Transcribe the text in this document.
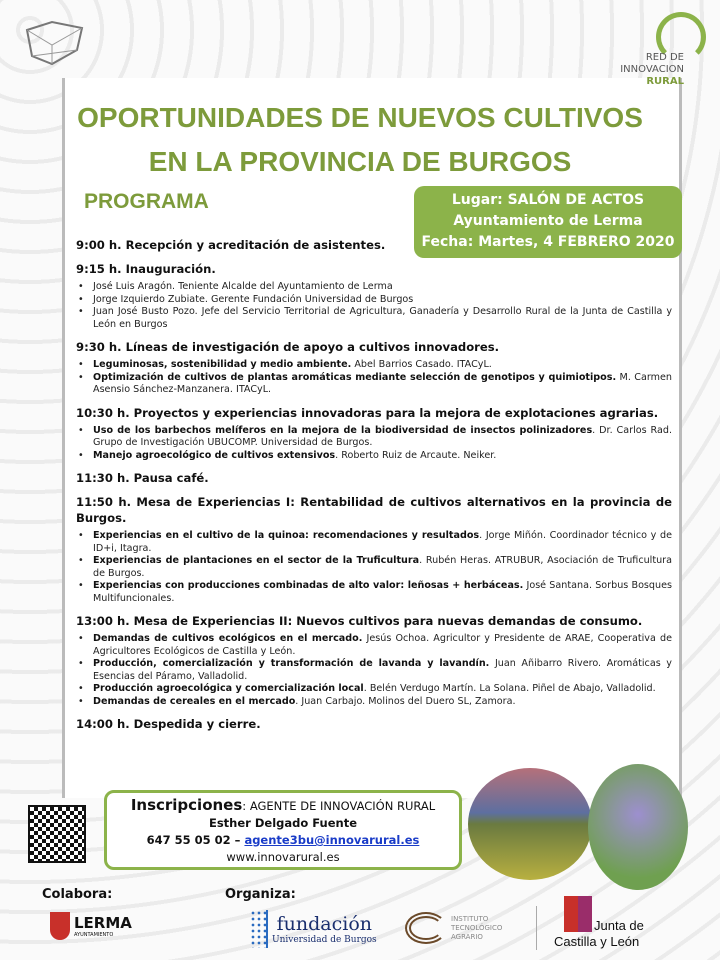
RED DE
INNOVACION
RURAL
OPORTUNIDADES DE NUEVOS CULTIVOS
EN LA PROVINCIA DE BURGOS
PROGRAMA	Lugar: SALÓN DE ACTOS
Ayuntamiento de Lerma
Fecha: Martes, 4 FEBRERO 2020
9:00 h. Recepción y acreditación de asistentes.
9:15 h. Inauguración.
• José Luis Aragón. Teniente Alcalde del Ayuntamiento de Lerma
• Jorge Izquierdo Zubiate. Gerente Fundación Universidad de Burgos
• Juan José Busto Pozo. Jefe del Servicio Territorial de Agricultura, Ganadería y Desarrollo Rural de la Junta de Castilla y León en Burgos
9:30 h. Líneas de investigación de apoyo a cultivos innovadores.
• Leguminosas, sostenibilidad y medio ambiente. Abel Barrios Casado. ITACyL.
• Optimización de cultivos de plantas aromáticas mediante selección de genotipos y quimiotipos. M. Carmen Asensio Sánchez-Manzanera. ITACyL.
10:30 h. Proyectos y experiencias innovadoras para la mejora de explotaciones agrarias.
• Uso de los barbechos melíferos en la mejora de la biodiversidad de insectos polinizadores. Dr. Carlos Rad. Grupo de Investigación UBUCOMP. Universidad de Burgos.
• Manejo agroecológico de cultivos extensivos. Roberto Ruiz de Arcaute. Neiker.
11:30 h. Pausa café.
11:50 h. Mesa de Experiencias I: Rentabilidad de cultivos alternativos en la provincia de Burgos.
• Experiencias en el cultivo de la quinoa: recomendaciones y resultados. Jorge Miñón. Coordinador técnico y de ID+i, Itagra.
• Experiencias de plantaciones en el sector de la Truficultura. Rubén Heras. ATRUBUR, Asociación de Truficultura de Burgos.
• Experiencias con producciones combinadas de alto valor: leñosas + herbáceas. José Santana. Sorbus Bosques Multifuncionales.
13:00 h. Mesa de Experiencias II: Nuevos cultivos para nuevas demandas de consumo.
• Demandas de cultivos ecológicos en el mercado. Jesús Ochoa. Agricultor y Presidente de ARAE, Cooperativa de Agricultores Ecológicos de Castilla y León.
• Producción, comercialización y transformación de lavanda y lavandín. Juan Añibarro Rivero. Aromáticas y Esencias del Páramo, Valladolid.
• Producción agroecológica y comercialización local. Belén Verdugo Martín. La Solana. Piñel de Abajo, Valladolid.
• Demandas de cereales en el mercado. Juan Carbajo. Molinos del Duero SL, Zamora.
14:00 h. Despedida y cierre.
Inscripciones: AGENTE DE INNOVACIÓN RURAL
Esther Delgado Fuente
647 55 05 02 – agente3bu@innovarural.es
www.innovarural.es
Colabora:	Organiza:
LERMA
AYUNTAMIENTO	fundación
Universidad de Burgos
INSTITUTO
TECNOLÓGICO
AGRARIO
Junta de
Castilla y León
